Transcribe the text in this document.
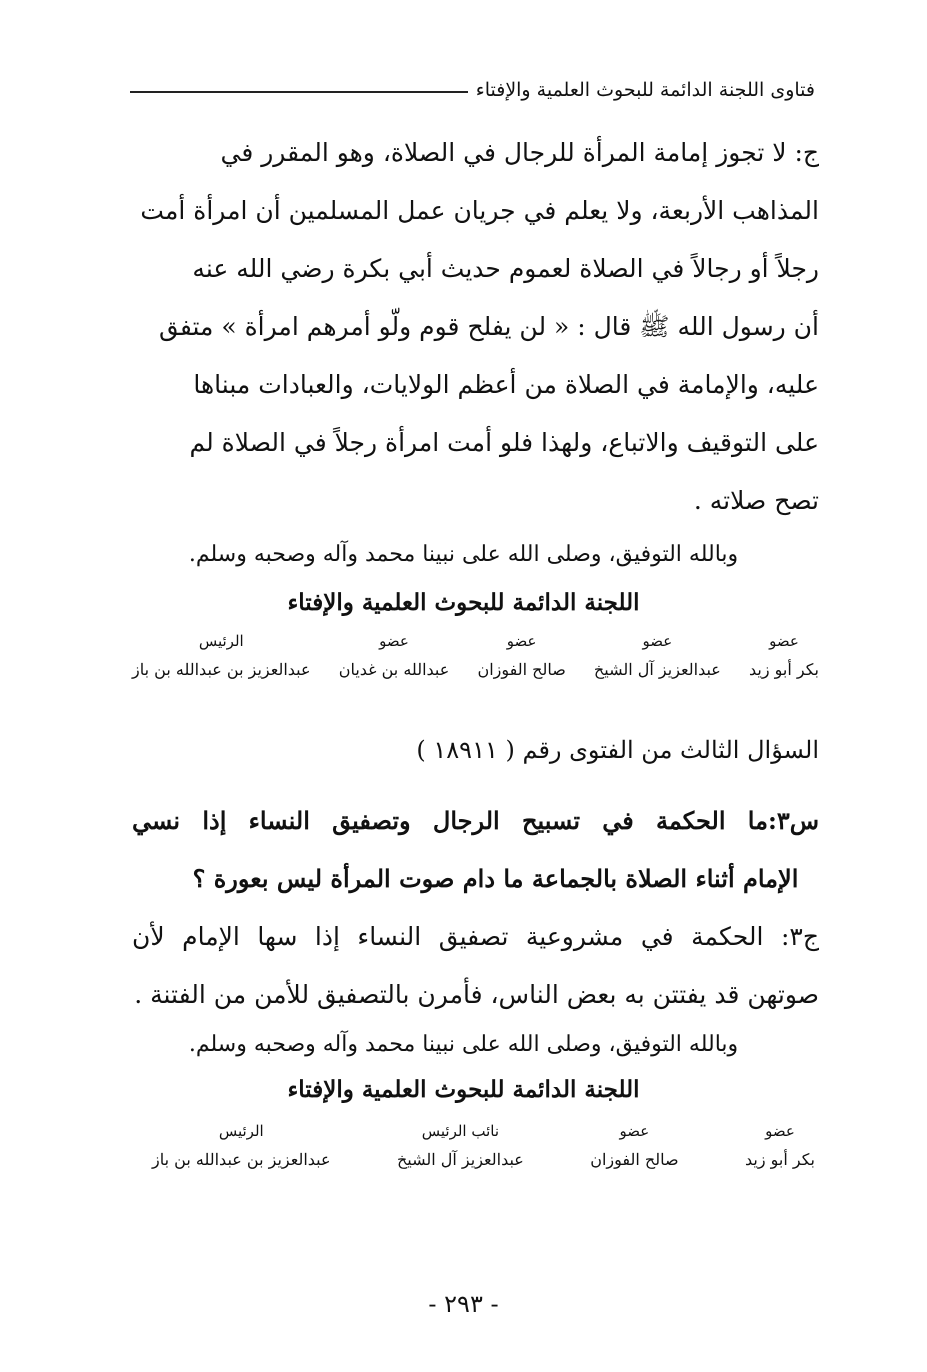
فتاوى اللجنة الدائمة للبحوث العلمية والإفتاء
ج: لا تجوز إمامة المرأة للرجال في الصلاة، وهو المقرر في
المذاهب الأربعة، ولا يعلم في جريان عمل المسلمين أن امرأة أمت
رجلاً أو رجالاً في الصلاة لعموم حديث أبي بكرة رضي الله عنه
أن رسول الله ﷺ قال : « لن يفلح قوم ولّو أمرهم امرأة » متفق
عليه، والإمامة في الصلاة من أعظم الولايات، والعبادات مبناها
على التوقيف والاتباع، ولهذا فلو أمت امرأة رجلاً في الصلاة لم
تصح صلاته .
وبالله التوفيق، وصلى الله على نبينا محمد وآله وصحبه وسلم.
اللجنة الدائمة للبحوث العلمية والإفتاء
عضو
بكر أبو زيد
عضو
عبدالعزيز آل الشيخ
عضو
صالح الفوزان
عضو
عبدالله بن غديان
الرئيس
عبدالعزيز بن عبدالله بن باز
السؤال الثالث من الفتوى رقم ( ١٨٩١١ )
س٣:ما الحكمة في تسبيح الرجال وتصفيق النساء إذا نسي
الإمام أثناء الصلاة بالجماعة ما دام صوت المرأة ليس بعورة ؟
ج٣: الحكمة في مشروعية تصفيق النساء إذا سها الإمام لأن
صوتهن قد يفتتن به بعض الناس، فأمرن بالتصفيق للأمن من الفتنة .
وبالله التوفيق، وصلى الله على نبينا محمد وآله وصحبه وسلم.
اللجنة الدائمة للبحوث العلمية والإفتاء
عضو
بكر أبو زيد
عضو
صالح الفوزان
نائب الرئيس
عبدالعزيز آل الشيخ
الرئيس
عبدالعزيز بن عبدالله بن باز
- ٢٩٣ -
